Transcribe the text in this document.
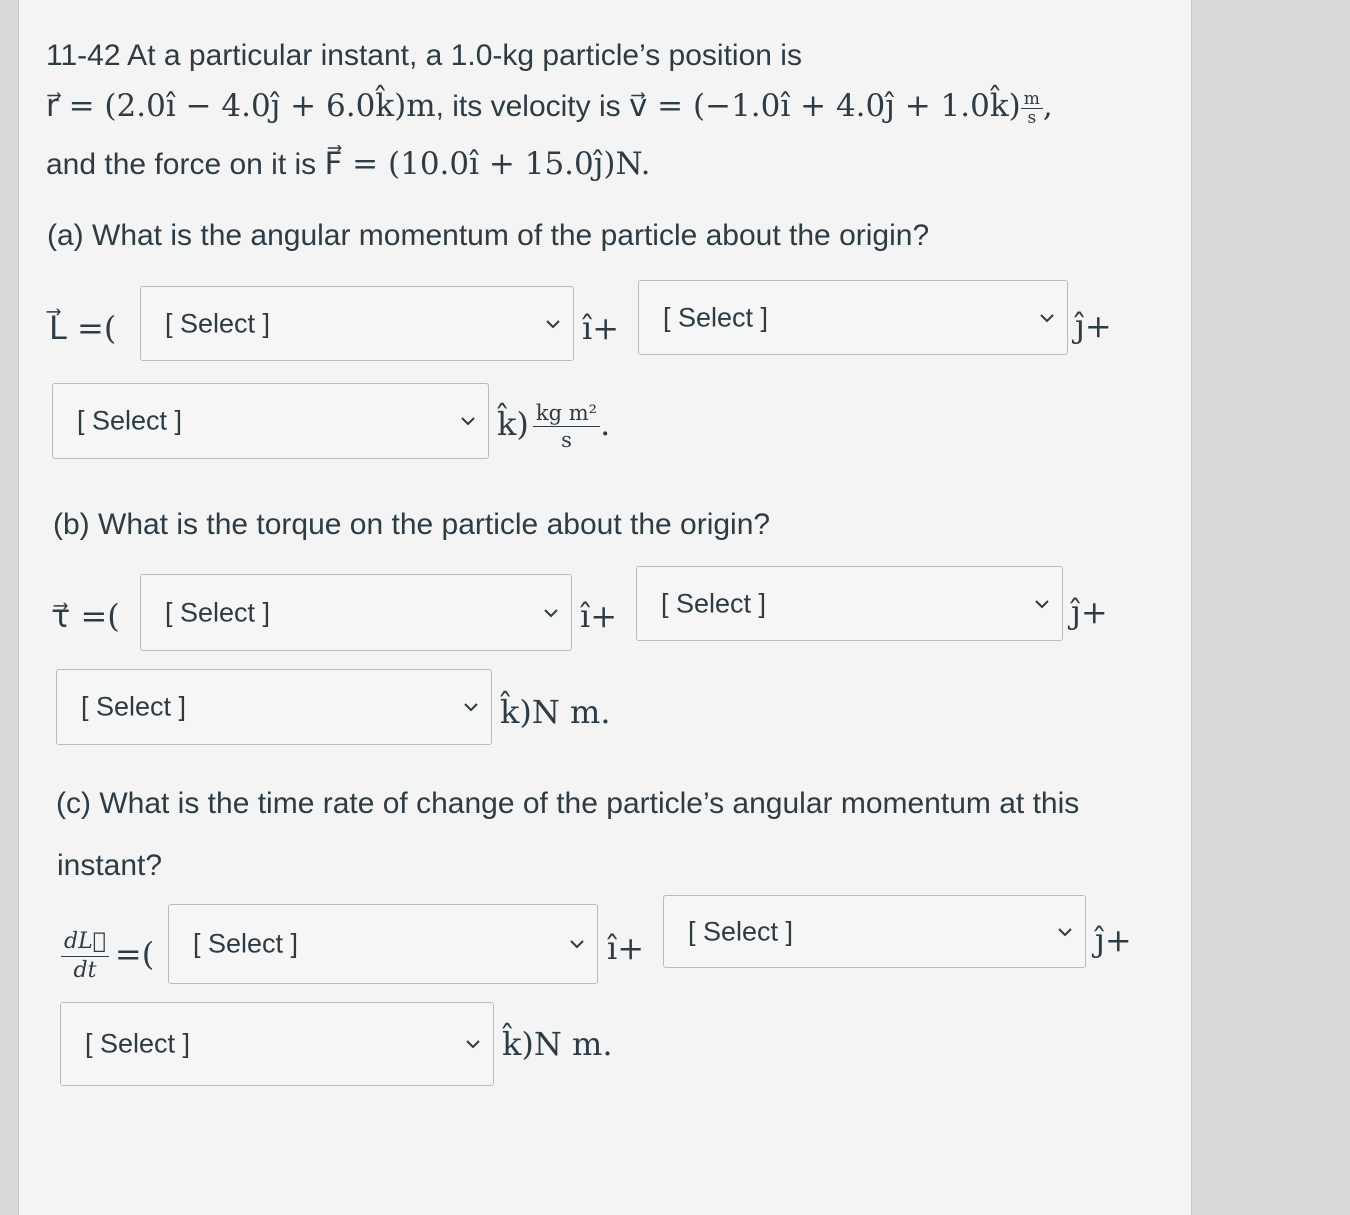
11-42 At a particular instant, a 1.0-kg particle’s position is
r⃗ = (2.0î − 4.0ĵ + 6.0k̂)m, its velocity is v⃗ = (−1.0î + 4.0ĵ + 1.0k̂) $\frac{m}{s}$ ,
and the force on it is F⃗ = (10.0î + 15.0ĵ)N.
(a) What is the angular momentum of the particle about the origin?
L⃗ =( [ Select ]	î+ [ Select ]	ĵ+
[ Select ]	k̂) $\frac{\text{kg m²}}{s}$ .
(b) What is the torque on the particle about the origin?
τ⃗ =( [ Select ]	î+ [ Select ]	ĵ+
[ Select ]	k̂)N m.
(c) What is the time rate of change of the particle’s angular momentum at this
instant?
$\frac{dL⃗}{dt}$ =( [ Select ]	î+ [ Select ]	ĵ+
[ Select ]	k̂)N m.
